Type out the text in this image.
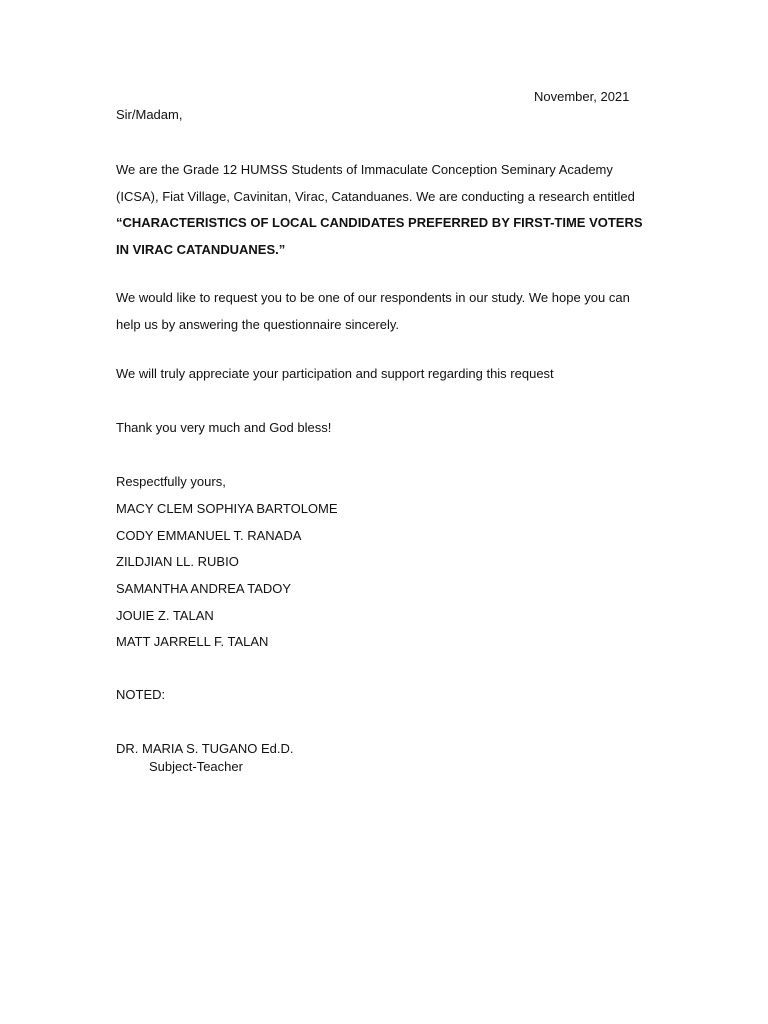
November, 2021
Sir/Madam,
We are the Grade 12 HUMSS Students of Immaculate Conception Seminary Academy (ICSA), Fiat Village, Cavinitan, Virac, Catanduanes. We are conducting a research entitled “CHARACTERISTICS OF LOCAL CANDIDATES PREFERRED BY FIRST-TIME VOTERS IN VIRAC CATANDUANES.”
We would like to request you to be one of our respondents in our study. We hope you can help us by answering the questionnaire sincerely.
We will truly appreciate your participation and support regarding this request
Thank you very much and God bless!
Respectfully yours,
MACY CLEM SOPHIYA BARTOLOME
CODY EMMANUEL T. RANADA
ZILDJIAN LL. RUBIO
SAMANTHA ANDREA TADOY
JOUIE Z. TALAN
MATT JARRELL F. TALAN
NOTED:
DR. MARIA S. TUGANO Ed.D.
Subject-Teacher
